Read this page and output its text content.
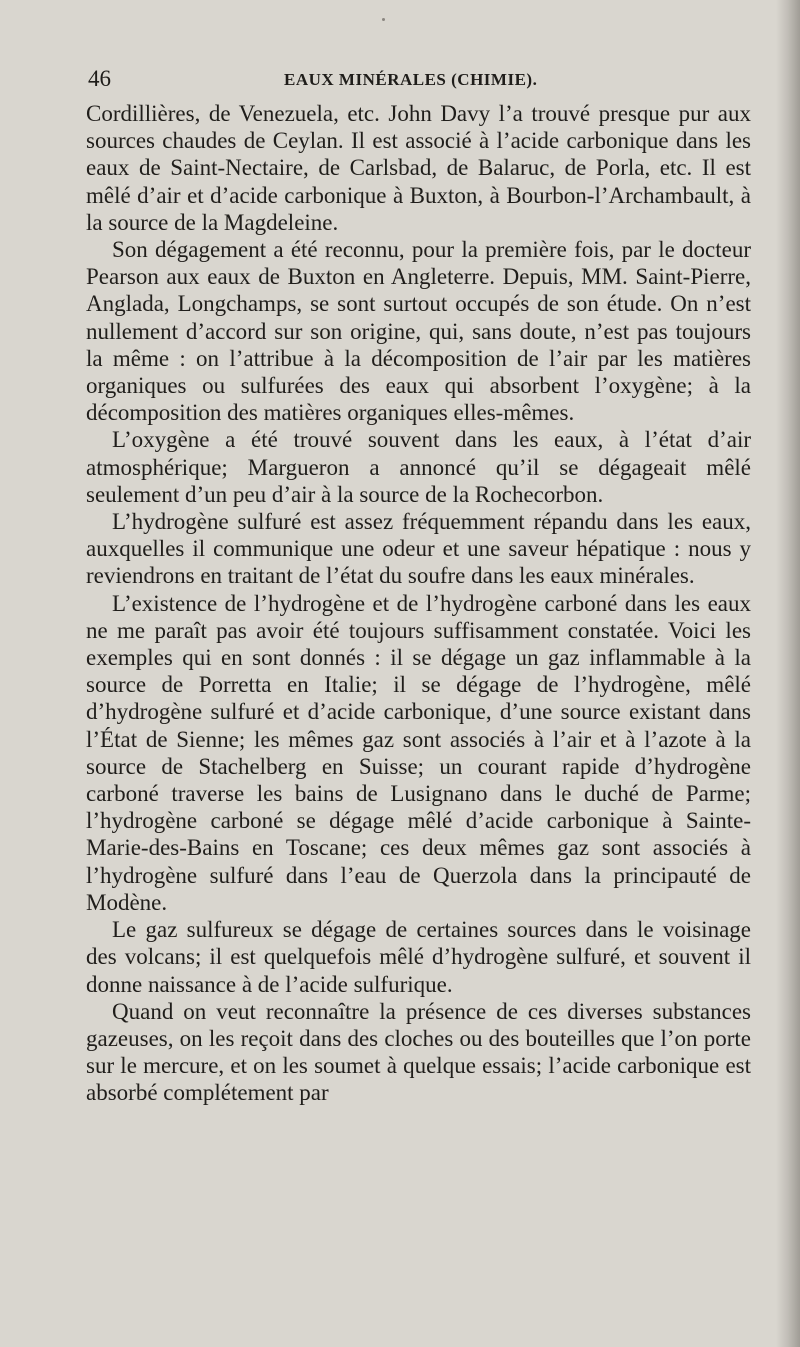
46	EAUX MINÉRALES (CHIMIE).

Cordillières, de Venezuela, etc. John Davy l’a trouvé presque pur aux sources chaudes de Ceylan. Il est associé à l’acide carbonique dans les eaux de Saint-Nectaire, de Carlsbad, de Balaruc, de Porla, etc. Il est mêlé d’air et d’acide carbonique à Buxton, à Bourbon-l’Archambault, à la source de la Magdeleine.

Son dégagement a été reconnu, pour la première fois, par le docteur Pearson aux eaux de Buxton en Angleterre. Depuis, MM. Saint-Pierre, Anglada, Longchamps, se sont surtout occupés de son étude. On n’est nullement d’accord sur son origine, qui, sans doute, n’est pas toujours la même : on l’attribue à la décomposition de l’air par les matières organiques ou sulfurées des eaux qui absorbent l’oxygène; à la décomposition des matières organiques elles-mêmes.

L’oxygène a été trouvé souvent dans les eaux, à l’état d’air atmosphérique; Margueron a annoncé qu’il se dégageait mêlé seulement d’un peu d’air à la source de la Rochecorbon.

L’hydrogène sulfuré est assez fréquemment répandu dans les eaux, auxquelles il communique une odeur et une saveur hépatique : nous y reviendrons en traitant de l’état du soufre dans les eaux minérales.

L’existence de l’hydrogène et de l’hydrogène carboné dans les eaux ne me paraît pas avoir été toujours suffisamment constatée. Voici les exemples qui en sont donnés : il se dégage un gaz inflammable à la source de Porretta en Italie; il se dégage de l’hydrogène, mêlé d’hydrogène sulfuré et d’acide carbonique, d’une source existant dans l’État de Sienne; les mêmes gaz sont associés à l’air et à l’azote à la source de Stachelberg en Suisse; un courant rapide d’hydrogène carboné traverse les bains de Lusignano dans le duché de Parme; l’hydrogène carboné se dégage mêlé d’acide carbonique à Sainte-Marie-des-Bains en Toscane; ces deux mêmes gaz sont associés à l’hydrogène sulfuré dans l’eau de Querzola dans la principauté de Modène.

Le gaz sulfureux se dégage de certaines sources dans le voisinage des volcans; il est quelquefois mêlé d’hydrogène sulfuré, et souvent il donne naissance à de l’acide sulfurique.

Quand on veut reconnaître la présence de ces diverses substances gazeuses, on les reçoit dans des cloches ou des bouteilles que l’on porte sur le mercure, et on les soumet à quelque essais; l’acide carbonique est absorbé complétement par
